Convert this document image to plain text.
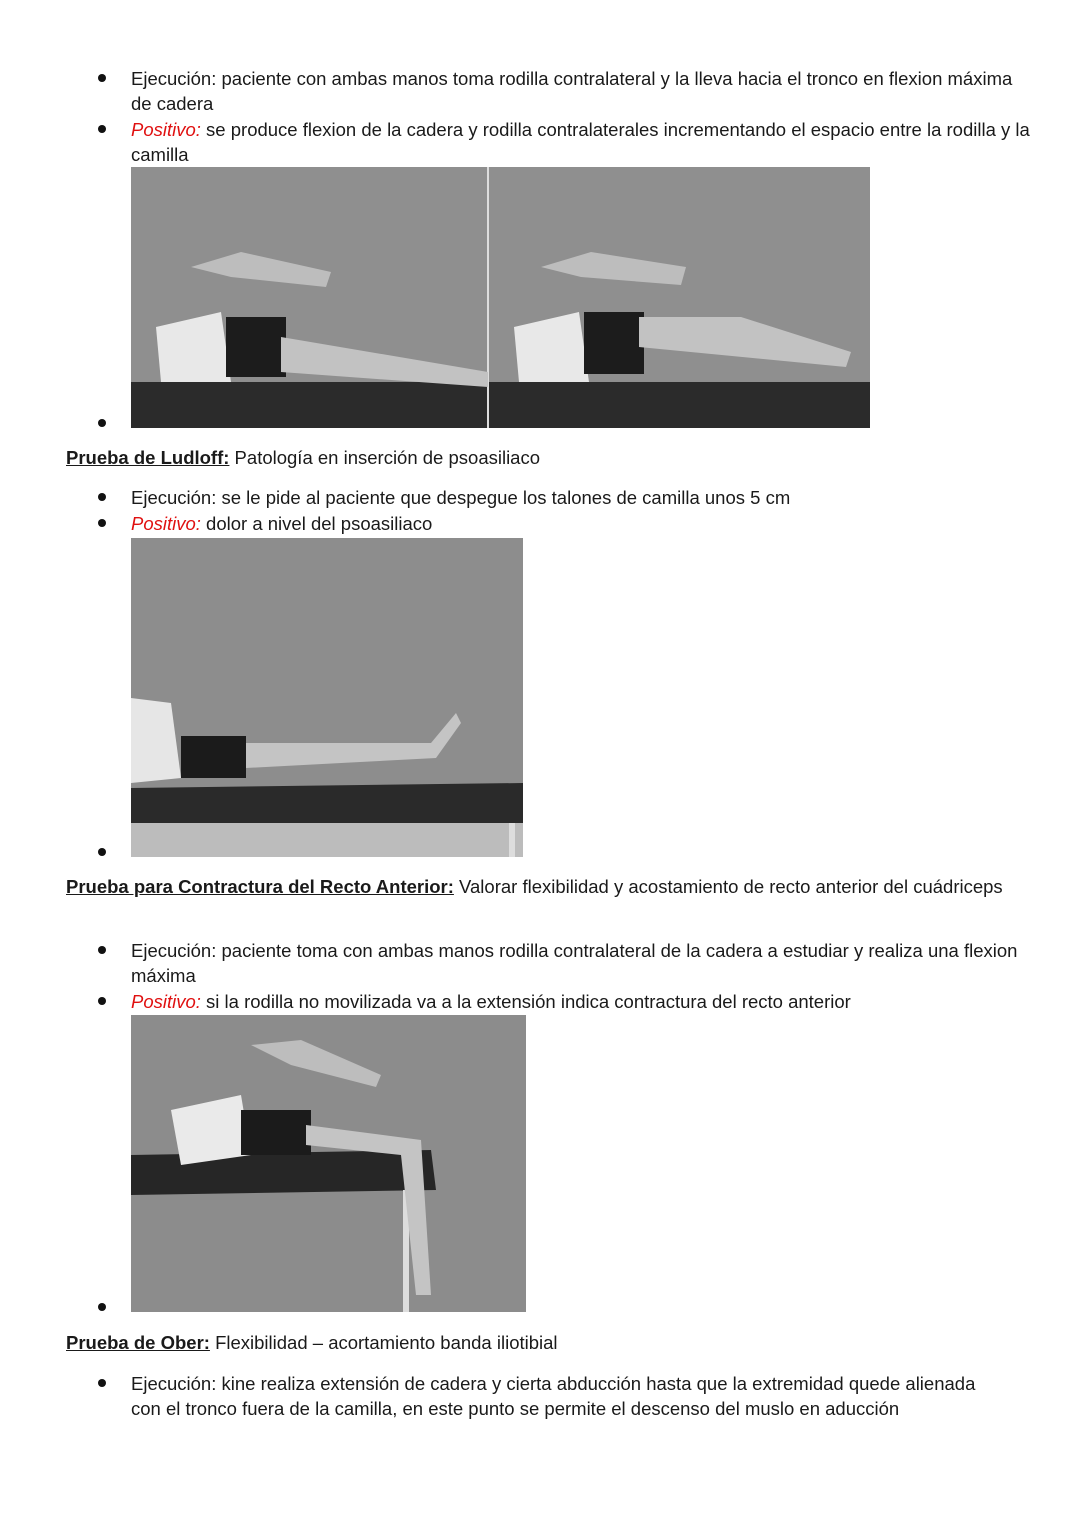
Ejecución: paciente con ambas manos toma rodilla contralateral y la lleva hacia el tronco en flexion máxima de cadera
Positivo: se produce flexion de la cadera y rodilla contralaterales incrementando el espacio entre la rodilla y la camilla
Prueba de Ludloff: Patología en inserción de psoasiliaco
Ejecución: se le pide al paciente que despegue los talones de camilla unos 5 cm
Positivo: dolor a nivel del psoasiliaco
Prueba para Contractura del Recto Anterior: Valorar flexibilidad y acostamiento de recto anterior del cuádriceps
Ejecución: paciente toma con ambas manos rodilla contralateral de la cadera a estudiar y realiza una flexion máxima
Positivo: si la rodilla no movilizada va a la extensión indica contractura del recto anterior
Prueba de Ober: Flexibilidad – acortamiento banda iliotibial
Ejecución: kine realiza extensión de cadera y cierta abducción hasta que la extremidad quede alienada con el tronco fuera de la camilla, en este punto se permite el descenso del muslo en aducción
